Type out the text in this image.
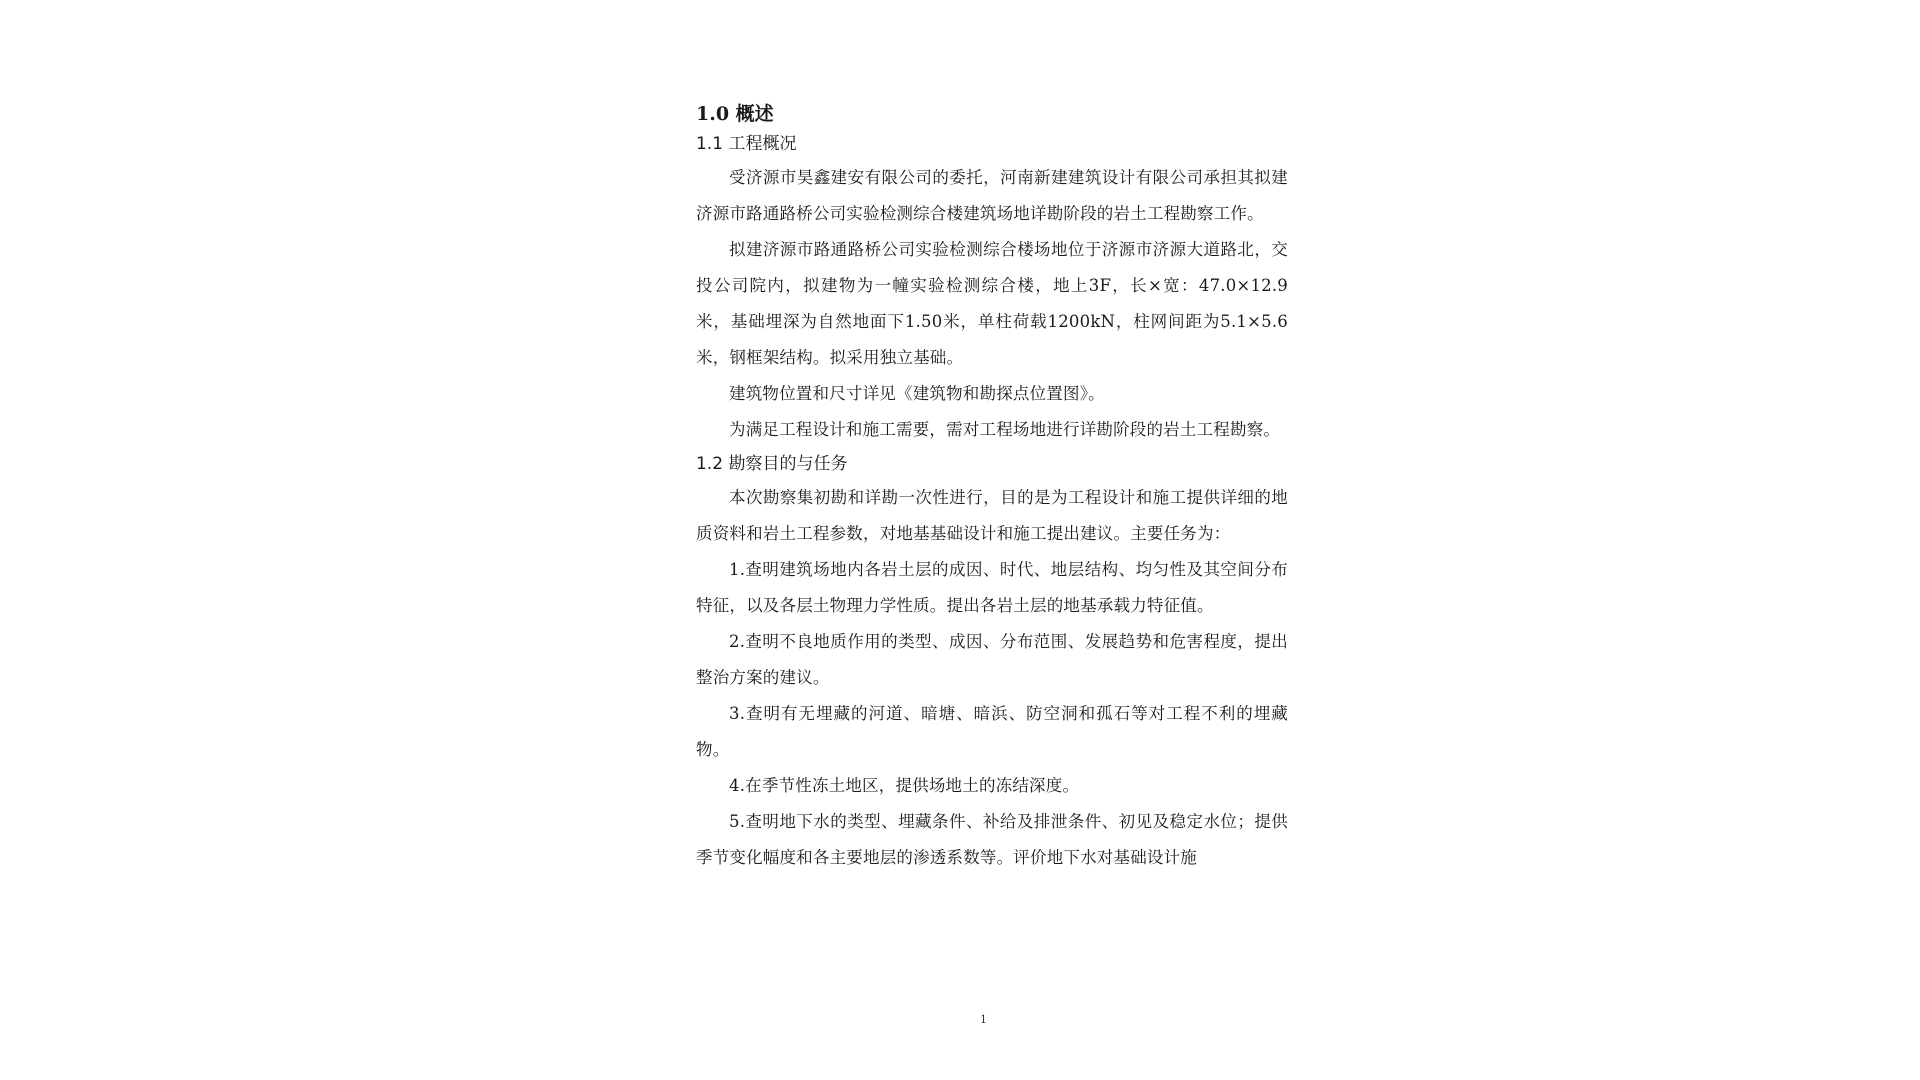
1.0 概述
1.1 工程概况

受济源市昊鑫建安有限公司的委托，河南新建建筑设计有限公司承担其拟建济源市路通路桥公司实验检测综合楼建筑场地详勘阶段的岩土工程勘察工作。

拟建济源市路通路桥公司实验检测综合楼场地位于济源市济源大道路北，交投公司院内，拟建物为一幢实验检测综合楼，地上3F，长×宽：47.0×12.9米，基础埋深为自然地面下1.50米，单柱荷载1200kN，柱网间距为5.1×5.6米，钢框架结构。拟采用独立基础。

建筑物位置和尺寸详见《建筑物和勘探点位置图》。

为满足工程设计和施工需要，需对工程场地进行详勘阶段的岩土工程勘察。

1.2 勘察目的与任务

本次勘察集初勘和详勘一次性进行，目的是为工程设计和施工提供详细的地质资料和岩土工程参数，对地基基础设计和施工提出建议。主要任务为：

1.查明建筑场地内各岩土层的成因、时代、地层结构、均匀性及其空间分布特征，以及各层土物理力学性质。提出各岩土层的地基承载力特征值。

2.查明不良地质作用的类型、成因、分布范围、发展趋势和危害程度，提出整治方案的建议。

3.查明有无埋藏的河道、暗塘、暗浜、防空洞和孤石等对工程不利的埋藏物。

4.在季节性冻土地区，提供场地土的冻结深度。

5.查明地下水的类型、埋藏条件、补给及排泄条件、初见及稳定水位；提供季节变化幅度和各主要地层的渗透系数等。评价地下水对基础设计施

1
